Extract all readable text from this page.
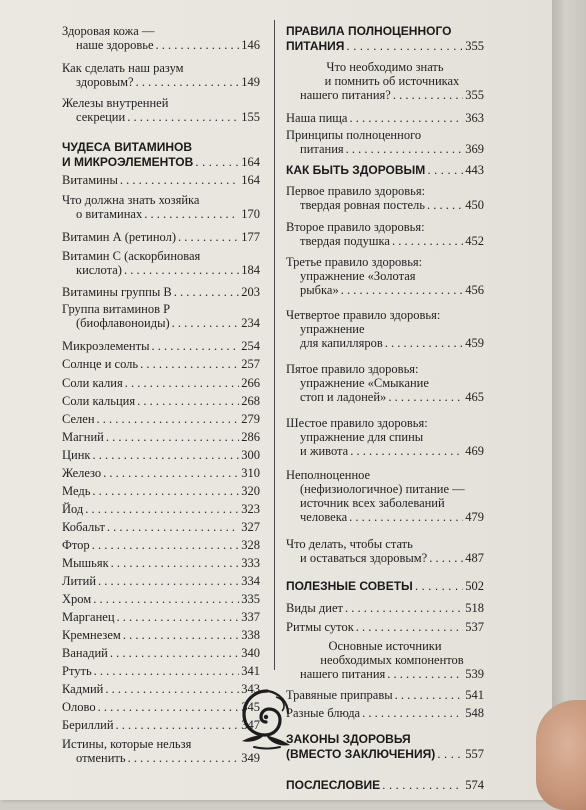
Здоровая кожа —
наше здоровье . . .	146
Как сделать наш разум
здоровым? . . .	149
Железы внутренней
секреции . . .	155
ЧУДЕСА ВИТАМИНОВ
И МИКРОЭЛЕМЕНТОВ . . .	164
Витамины . . .	164
Что должна знать хозяйка
о витаминах . . .	170
Витамин А (ретинол) . . .	177
Витамин С (аскорбиновая
кислота) . . .	184
Витамины группы В . . .	203
Группа витаминов Р
(биофлавоноиды) . . .	234
Микроэлементы . . .	254
Солнце и соль . . .	257
Соли калия . . .	266
Соли кальция . . .	268
Селен . . .	279
Магний . . .	286
Цинк . . .	300
Железо . . .	310
Медь . . .	320
Йод . . .	323
Кобальт . . .	327
Фтор . . .	328
Мышьяк . . .	333
Литий . . .	334
Хром . . .	335
Марганец . . .	337
Кремнезем . . .	338
Ванадий . . .	340
Ртуть . . .	341
Кадмий . . .	343
Олово . . .	345
Бериллий . . .	347
Истины, которые нельзя
отменить . . .	349
ПРАВИЛА ПОЛНОЦЕННОГО
ПИТАНИЯ . . .	355
Что необходимо знать
и помнить об источниках
нашего питания? . . .	355
Наша пища . . .	363
Принципы полноценного
питания . . .	369
КАК БЫТЬ ЗДОРОВЫМ . . .	443
Первое правило здоровья:
твердая ровная постель . . .	450
Второе правило здоровья:
твердая подушка . . .	452
Третье правило здоровья:
упражнение «Золотая
рыбка» . . .	456
Четвертое правило здоровья:
упражнение
для капилляров . . .	459
Пятое правило здоровья:
упражнение «Смыкание
стоп и ладоней» . . .	465
Шестое правило здоровья:
упражнение для спины
и живота . . .	469
Неполноценное
(нефизиологичное) питание —
источник всех заболеваний
человека . . .	479
Что делать, чтобы стать
и оставаться здоровым? . . .	487
ПОЛЕЗНЫЕ СОВЕТЫ . . .	502
Виды диет . . .	518
Ритмы суток . . .	537
Основные источники
необходимых компонентов
нашего питания . . .	539
Травяные приправы . . .	541
Разные блюда . . .	548
ЗАКОНЫ ЗДОРОВЬЯ
(ВМЕСТО ЗАКЛЮЧЕНИЯ) . . . 557
ПОСЛЕСЛОВИЕ . . .	574
